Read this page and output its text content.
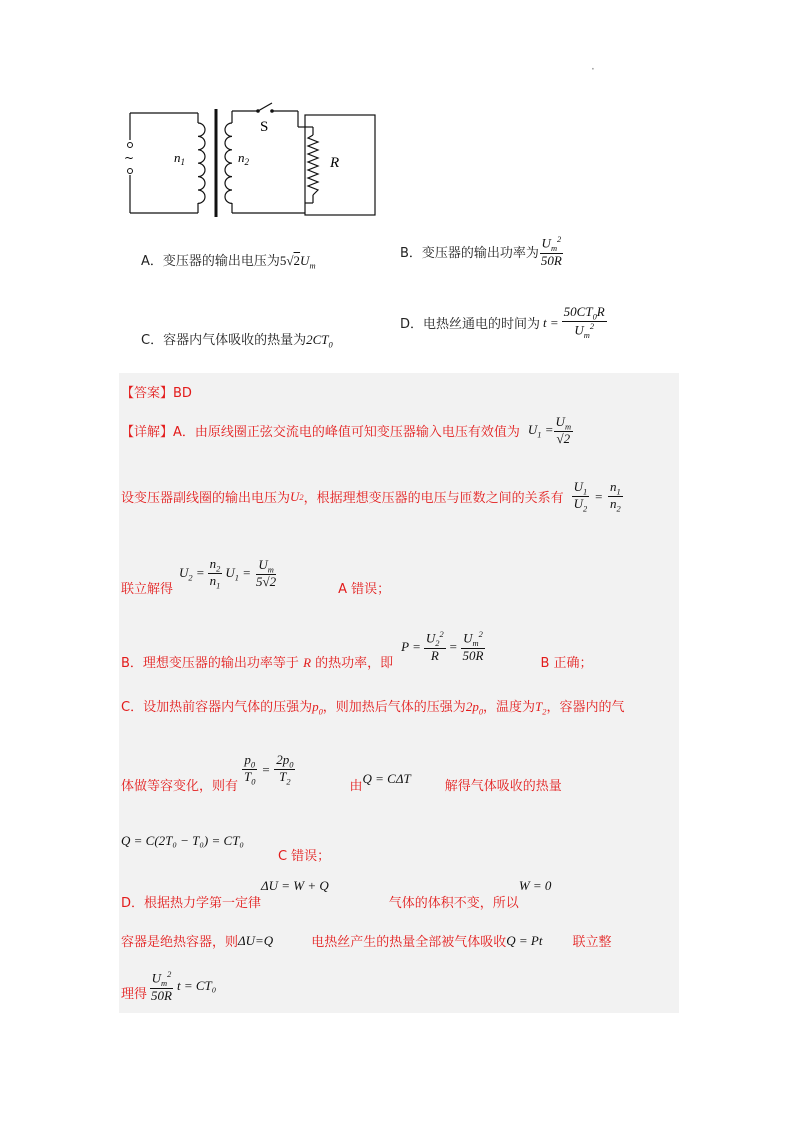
·
~	$n_1$	$n_2$
S
R
A．变压器的输出电压为$5√2U_m$
B．变压器的输出功率为 $\frac{U_m^2}{50R}$
C．容器内气体吸收的热量为$2CT_0$
D．电热丝通电的时间为 $t = \frac{50CT_0R}{U_m^2}$
【答案】BD
【详解】A．由原线圈正弦交流电的峰值可知变压器输入电压有效值为 $U_1 = \frac{U_m}{√2}$
设变压器副线圈的输出电压为 U 2 ，根据理想变压器的电压与匝数之间的关系有 $\frac{U_1}{U_2} = \frac{n_1}{n_2}$
联立解得
$U_2 = \frac{n_2}{n_1} U_1 = \frac{U_m}{5√2}$
A 错误；
B．理想变压器的输出功率等于 R 的热功率，即
$P = \frac{U_2^2}{R} = \frac{U_m^2}{50R}$
B 正确；
C．设加热前容器内气体的压强为$p_0$，则加热后气体的压强为$2p_0$，温度为$T_2$，容器内的气
体做等容变化，则有
$\frac{p_0}{T_0} = \frac{2p_0}{T_2}$
由
Q = CΔT
解得气体吸收的热量
Q = C(2T₀ − T₀) = CT₀
C 错误；
D．根据热力学第一定律
ΔU = W + Q
气体的体积不变，所以
W = 0
容器是绝热容器，则 ΔU=Q	电热丝产生的热量全部被气体吸收 Q = Pt 联立整
理得 $\frac{U_m^2}{50R}$ t = CT₀
